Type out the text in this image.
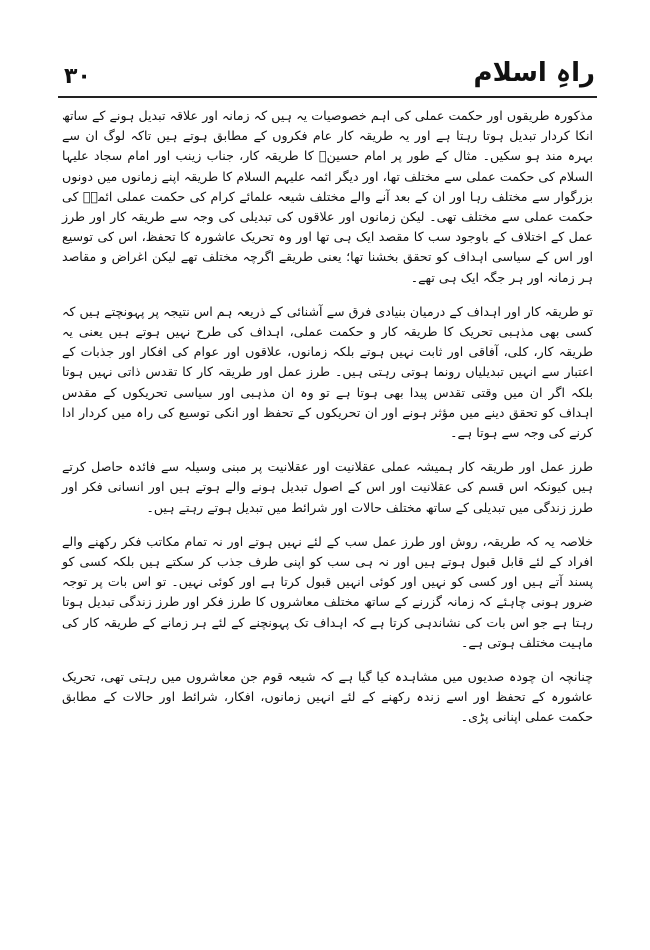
۳۰	راہِ اسلام

مذکورہ طریقوں اور حکمت عملی کی اہم خصوصیات یہ ہیں کہ زمانہ اور علاقہ تبدیل ہونے کے ساتھ انکا کردار تبدیل ہوتا رہتا ہے اور یہ طریقہ کار عام فکروں کے مطابق ہوتے ہیں تاکہ لوگ ان سے بہرہ مند ہو سکیں۔ مثال کے طور پر امام حسینؑ کا طریقہ کار، جناب زینب اور امام سجاد علیہا السلام کی حکمت عملی سے مختلف تھا، اور دیگر ائمہ علیہم السلام کا طریقہ اپنے زمانوں میں دونوں بزرگوار سے مختلف رہا اور ان کے بعد آنے والے مختلف شیعہ علمائے کرام کی حکمت عملی ائمہؑ کی حکمت عملی سے مختلف تھی۔ لیکن زمانوں اور علاقوں کی تبدیلی کی وجہ سے طریقہ کار اور طرز عمل کے اختلاف کے باوجود سب کا مقصد ایک ہی تھا اور وہ تحریک عاشورہ کا تحفظ، اس کی توسیع اور اس کے سیاسی اہداف کو تحقق بخشنا تھا؛ یعنی طریقے اگرچہ مختلف تھے لیکن اغراض و مقاصد ہر زمانہ اور ہر جگہ ایک ہی تھے۔

تو طریقہ کار اور اہداف کے درمیان بنیادی فرق سے آشنائی کے ذریعہ ہم اس نتیجہ پر پہونچتے ہیں کہ کسی بھی مذہبی تحریک کا طریقہ کار و حکمت عملی، اہداف کی طرح نہیں ہوتے ہیں یعنی یہ طریقہ کار، کلی، آفاقی اور ثابت نہیں ہوتے بلکہ زمانوں، علاقوں اور عوام کی افکار اور جذبات کے اعتبار سے انہیں تبدیلیاں رونما ہوتی رہتی ہیں۔ طرز عمل اور طریقہ کار کا تقدس ذاتی نہیں ہوتا بلکہ اگر ان میں وقتی تقدس پیدا بھی ہوتا ہے تو وہ ان مذہبی اور سیاسی تحریکوں کے مقدس اہداف کو تحقق دینے میں مؤثر ہونے اور ان تحریکوں کے تحفظ اور انکی توسیع کی راہ میں کردار ادا کرنے کی وجہ سے ہوتا ہے۔

طرز عمل اور طریقہ کار ہمیشہ عملی عقلانیت اور عقلانیت پر مبنی وسیلہ سے فائدہ حاصل کرتے ہیں کیونکہ اس قسم کی عقلانیت اور اس کے اصول تبدیل ہونے والے ہوتے ہیں اور انسانی فکر اور طرز زندگی میں تبدیلی کے ساتھ مختلف حالات اور شرائط میں تبدیل ہوتے رہتے ہیں۔

خلاصہ یہ کہ طریقہ، روش اور طرز عمل سب کے لئے نہیں ہوتے اور نہ تمام مکاتب فکر رکھنے والے افراد کے لئے قابل قبول ہوتے ہیں اور نہ ہی سب کو اپنی طرف جذب کر سکتے ہیں بلکہ کسی کو پسند آتے ہیں اور کسی کو نہیں اور کوئی انہیں قبول کرتا ہے اور کوئی نہیں۔ تو اس بات پر توجہ ضرور ہونی چاہئے کہ زمانہ گزرنے کے ساتھ مختلف معاشروں کا طرز فکر اور طرز زندگی تبدیل ہوتا رہتا ہے جو اس بات کی نشاندہی کرتا ہے کہ اہداف تک پہونچنے کے لئے ہر زمانے کے طریقہ کار کی ماہیت مختلف ہوتی ہے۔

چنانچہ ان چودہ صدیوں میں مشاہدہ کیا گیا ہے کہ شیعہ قوم جن معاشروں میں رہتی تھی، تحریک عاشورہ کے تحفظ اور اسے زندہ رکھنے کے لئے انہیں زمانوں، افکار، شرائط اور حالات کے مطابق حکمت عملی اپنانی پڑی۔
